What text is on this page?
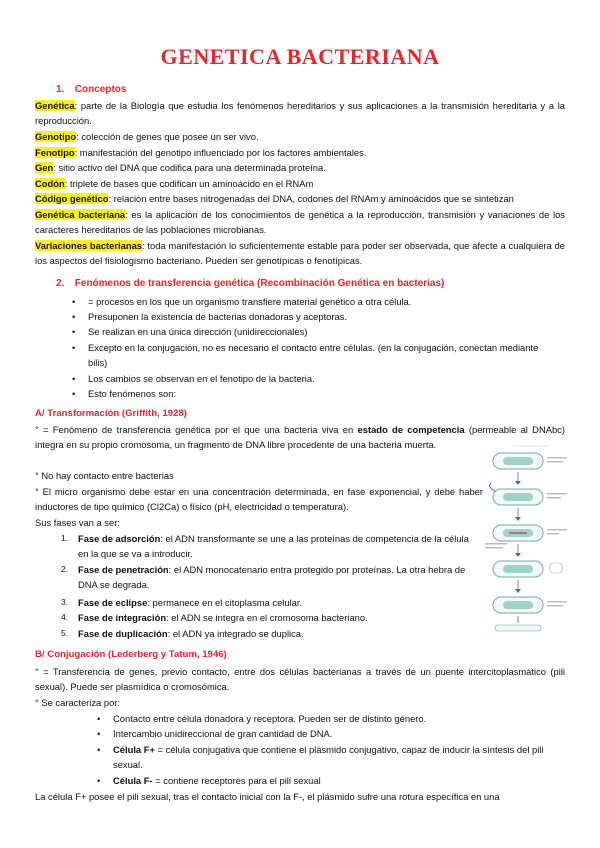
GENETICA BACTERIANA
1. Conceptos
Genética: parte de la Biología que estudia los fenómenos hereditarios y sus aplicaciones a la transmisión hereditaria y a la reproducción.
Genotipo: colección de genes que posee un ser vivo.
Fenotipo: manifestación del genotipo influenciado por los factores ambientales.
Gen: sitio activo del DNA que codifica para una determinada proteína.
Codón: triplete de bases que codifican un aminoácido en el RNAm
Código genético: relación entre bases nitrogenadas del DNA, codones del RNAm y aminoácidos que se sintetizan
Genética bacteriana: es la aplicación de los conocimientos de genética a la reproducción, transmisión y variaciones de los caracteres hereditarios de las poblaciones microbianas.
Variaciones bacterianas: toda manifestación lo suficientemente estable para poder ser observada, que afecte a cualquiera de los aspectos del fisiologismo bacteriano. Pueden ser genotípicas o fenotípicas.
2. Fenómenos de transferencia genética (Recombinación Genética en bacterias)
• = procesos en los que un organismo transfiere material genético a otra célula.
• Presuponen la existencia de bacterias donadoras y aceptoras.
• Se realizan en una única dirección (unidireccionales)
• Excepto en la conjugación, no es necesario el contacto entre células. (en la conjugación, conectan mediante bilis)
• Los cambios se observan en el fenotipo de la bacteria.
• Esto fenómenos son:
A/ Transformación (Griffith, 1928)
° = Fenómeno de transferencia genética por el que una bacteria viva en estado de competencia (permeable al DNAbc) integra en su propio cromosoma, un fragmento de DNA libre procedente de una bacteria muerta.
° No hay contacto entre bacterias
° El micro organismo debe estar en una concentración determinada, en fase exponencial, y debe haber inductores de tipo químico (Cl2Ca) o físico (pH, electricidad o temperatura).
Sus fases van a ser:
1. Fase de adsorción: el ADN transformante se une a las proteínas de competencia de la célula en la que se va a introducir.
2. Fase de penetración: el ADN monocatenario entra protegido por proteínas. La otra hebra de DNA se degrada.
3. Fase de eclipse: permanece en el citoplasma celular.
4. Fase de integración: el ADN se integra en el cromosoma bacteriano.
5. Fase de duplicación: el ADN ya integrado se duplica.
B/ Conjugación (Lederberg y Tatum, 1946)
° = Transferencia de genes, previo contacto, entre dos células bacterianas a través de un puente intercitoplasmático (pili sexual). Puede ser plasmídica o cromosómica.
° Se caracteriza por:
• Contacto entre célula donadora y receptora. Pueden ser de distinto género.
• Intercambio unidireccional de gran cantidad de DNA.
• Célula F+ = célula conjugativa que contiene el plásmido conjugativo, capaz de inducir la síntesis del pili sexual.
• Célula F- = contiene receptores para el pili sexual
La célula F+ posee el pili sexual, tras el contacto inicial con la F-, el plásmido sufre una rotura específica en una
